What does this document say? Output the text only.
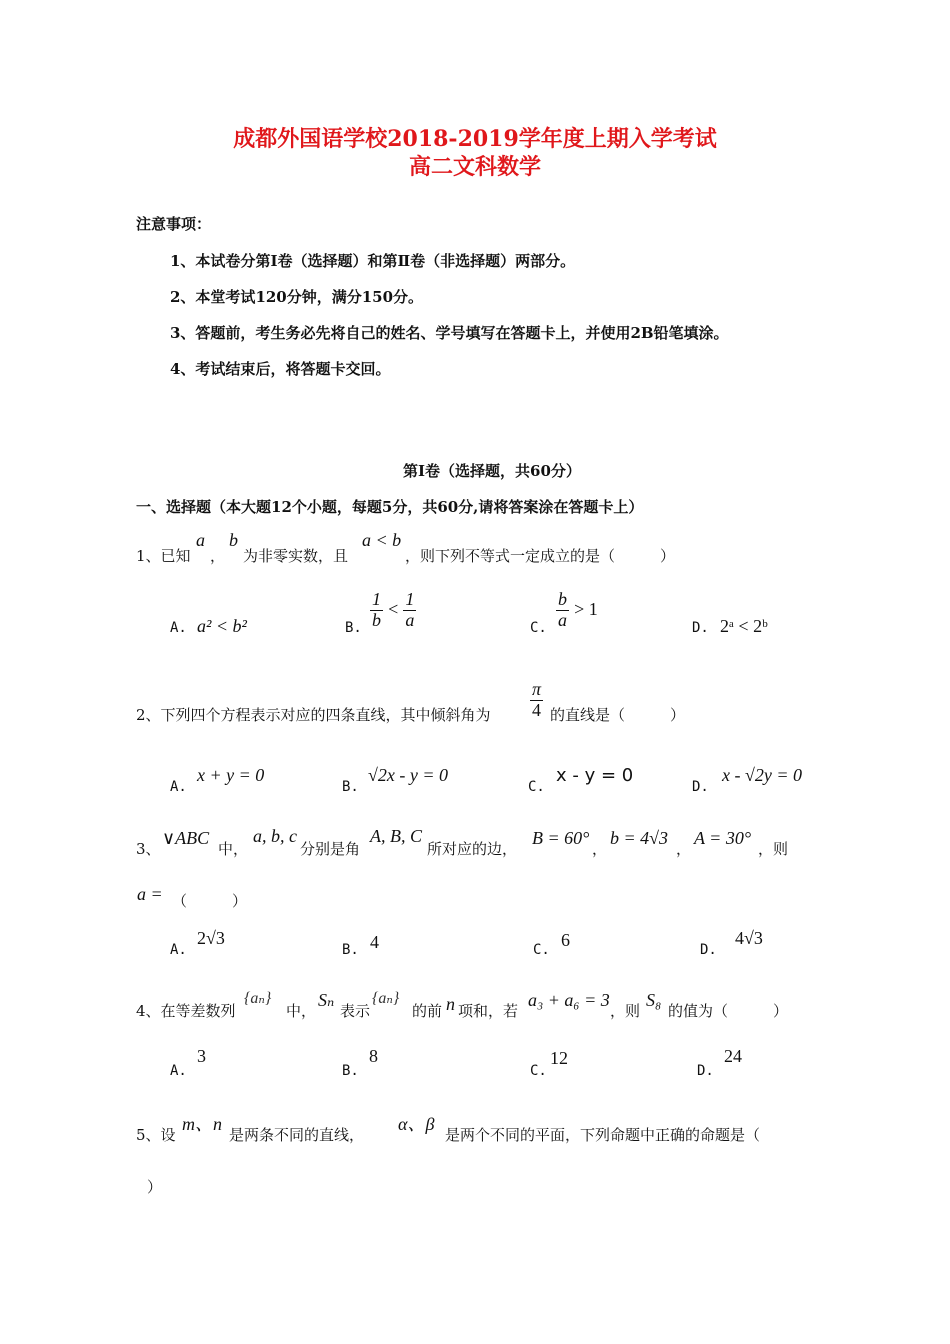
成都外国语学校2018-2019学年度上期入学考试
高二文科数学
注意事项：
1、本试卷分第Ⅰ卷（选择题）和第Ⅱ卷（非选择题）两部分。
2、本堂考试120分钟，满分150分。
3、答题前，考生务必先将自己的姓名、学号填写在答题卡上，并使用2B铅笔填涂。
4、考试结束后，将答题卡交回。
第Ⅰ卷（选择题，共60分）
一、选择题（本大题12个小题，每题5分，共60分,请将答案涂在答题卡上）
1、已知
a
，
b
为非零实数，且
a < b
，则下列不等式一定成立的是（　　　）
A. a² < b²	B. $\frac{1}{b} < \frac{1}{a}$	C. $\frac{b}{a} > 1$
D. 2ᵃ < 2ᵇ
2、下列四个方程表示对应的四条直线，其中倾斜角为 $\frac{\pi}{4}$ 的直线是（　　　）
A.
x + y = 0
B.
√2x - y = 0
C.
x - y = 0
D.
x - √2y = 0
3、
∨ABC
中，
a, b, c
分别是角
A, B, C
所对应的边，
B = 60°
，
b = 4√3
，
A = 30°
，则
a = （　　　）
A.
2√3
B. 4	C. 6	D.
4√3
4、在等差数列
{aₙ}
中，
Sₙ
表示
{aₙ}
的前 n 项和，若
a₃ + a₆ = 3
，则
S₈
的值为（　　　）
A.
3
B.
8
C.
12
D.
24
5、设
m、n
是两条不同的直线，
α、β
是两个不同的平面，下列命题中正确的命题是（
）
